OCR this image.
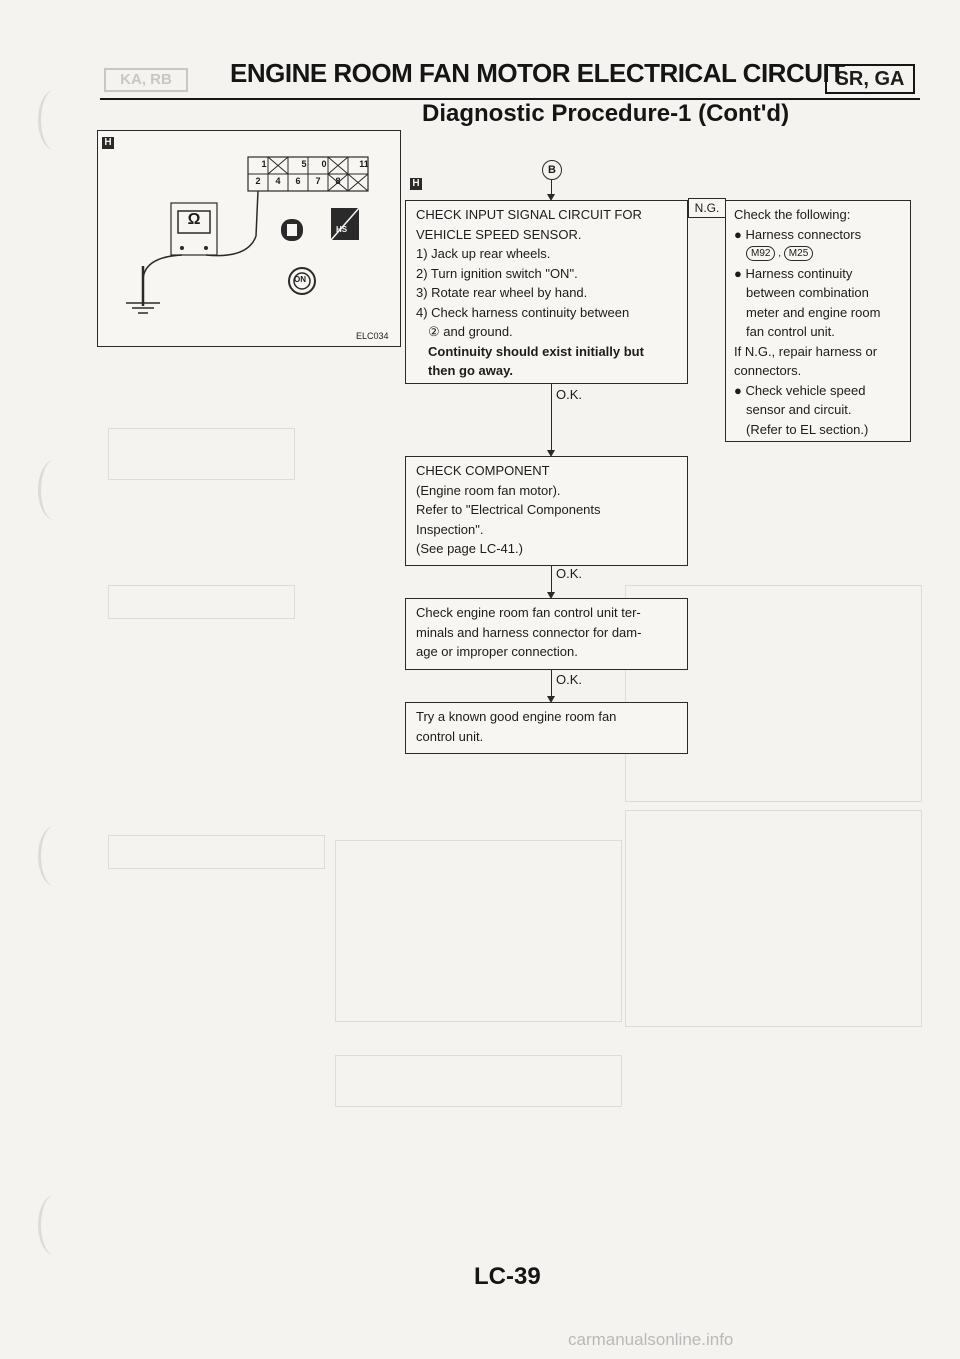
KA, RB	ENGINE ROOM FAN MOTOR ELECTRICAL CIRCUIT
SR, GA
Diagnostic Procedure-1 (Cont'd)
H
1	5	0	11
2	4	6	7	8
Ω
HS
ON
ELC034
B
H
CHECK INPUT SIGNAL CIRCUIT FOR
VEHICLE SPEED SENSOR.
1) Jack up rear wheels.
2) Turn ignition switch "ON".
3) Rotate rear wheel by hand.
4) Check harness continuity between
② and ground.
Continuity should exist initially but
then go away.
N.G.	Check the following:
● Harness connectors
M92 , M25
● Harness continuity
between combination
meter and engine room
fan control unit.
If N.G., repair harness or
connectors.
● Check vehicle speed
sensor and circuit.
(Refer to EL section.)
O.K.
CHECK COMPONENT
(Engine room fan motor).
Refer to "Electrical Components
Inspection".
(See page LC-41.)
O.K.
Check engine room fan control unit ter-
minals and harness connector for dam-
age or improper connection.
O.K.
Try a known good engine room fan
control unit.
LC-39
carmanualsonline.info
